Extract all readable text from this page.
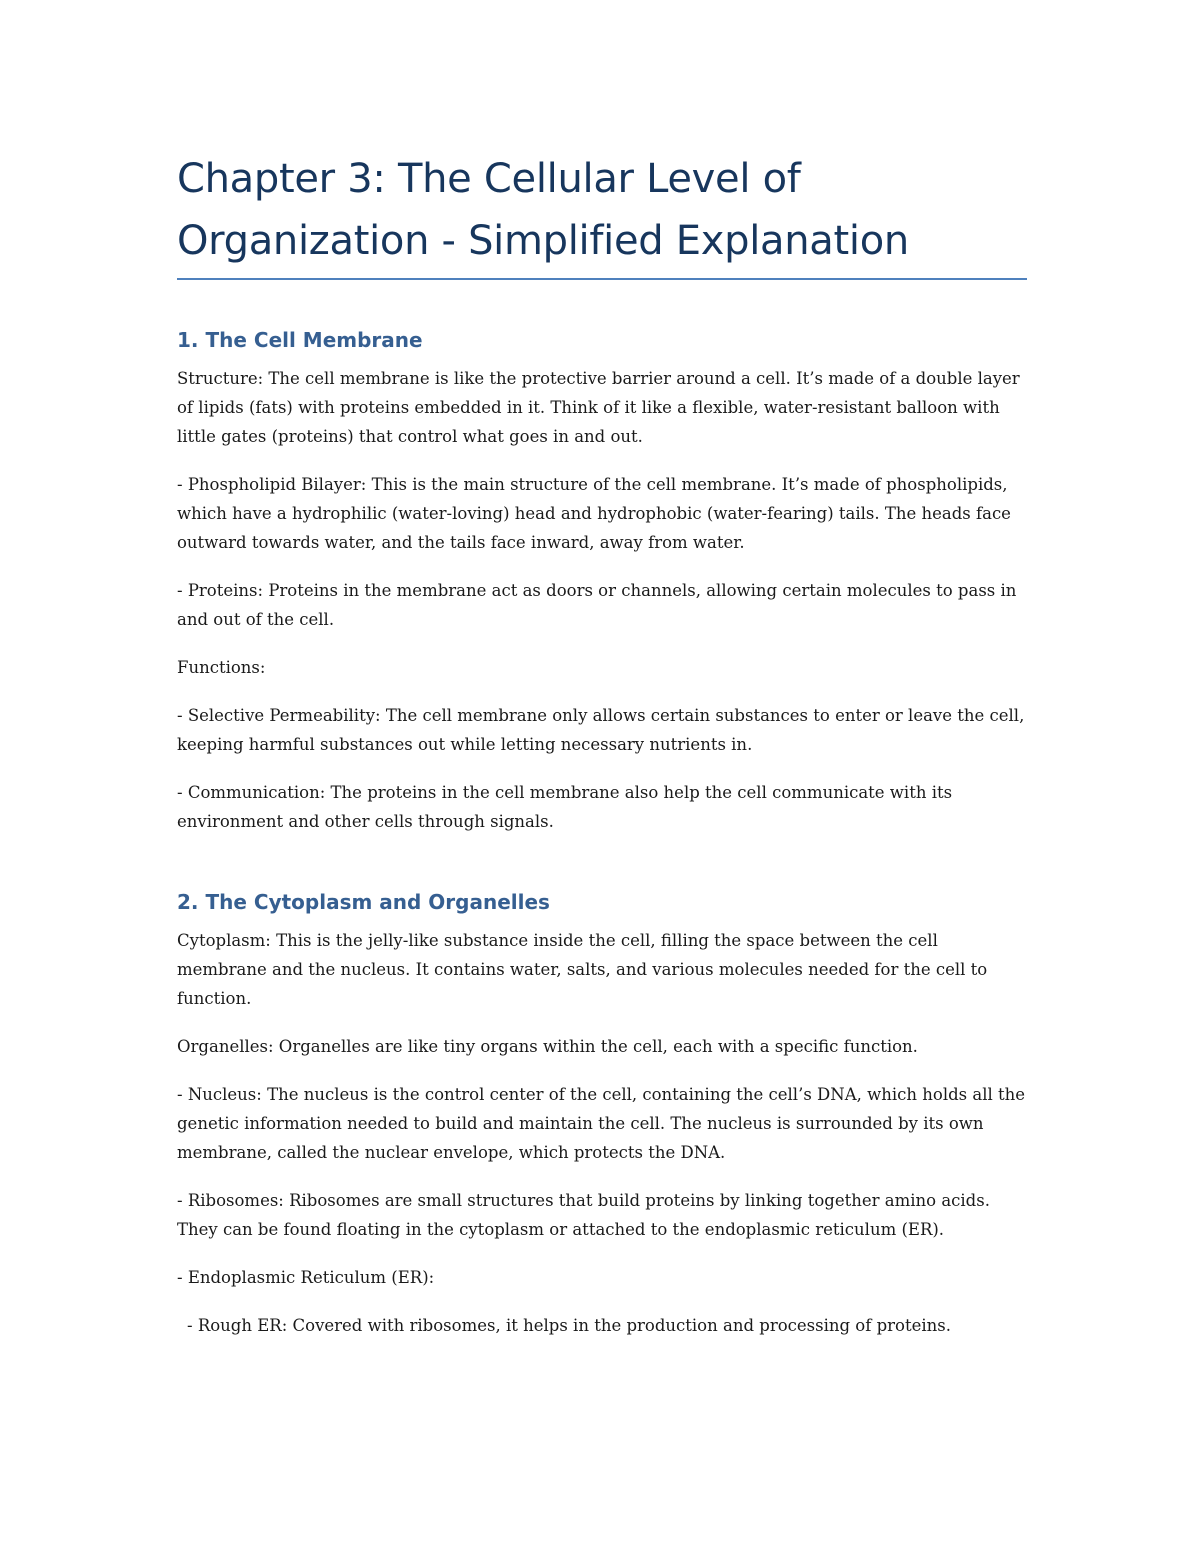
Chapter 3: The Cellular Level of Organization - Simplified Explanation
1. The Cell Membrane

Structure: The cell membrane is like the protective barrier around a cell. It’s made of a double layer of lipids (fats) with proteins embedded in it. Think of it like a flexible, water-resistant balloon with little gates (proteins) that control what goes in and out.

- Phospholipid Bilayer: This is the main structure of the cell membrane. It’s made of phospholipids, which have a hydrophilic (water-loving) head and hydrophobic (water-fearing) tails. The heads face outward towards water, and the tails face inward, away from water.

- Proteins: Proteins in the membrane act as doors or channels, allowing certain molecules to pass in and out of the cell.

Functions:

- Selective Permeability: The cell membrane only allows certain substances to enter or leave the cell, keeping harmful substances out while letting necessary nutrients in.

- Communication: The proteins in the cell membrane also help the cell communicate with its environment and other cells through signals.

2. The Cytoplasm and Organelles

Cytoplasm: This is the jelly-like substance inside the cell, filling the space between the cell membrane and the nucleus. It contains water, salts, and various molecules needed for the cell to function.

Organelles: Organelles are like tiny organs within the cell, each with a specific function.

- Nucleus: The nucleus is the control center of the cell, containing the cell’s DNA, which holds all the genetic information needed to build and maintain the cell. The nucleus is surrounded by its own membrane, called the nuclear envelope, which protects the DNA.

- Ribosomes: Ribosomes are small structures that build proteins by linking together amino acids. They can be found floating in the cytoplasm or attached to the endoplasmic reticulum (ER).

- Endoplasmic Reticulum (ER):

- Rough ER: Covered with ribosomes, it helps in the production and processing of proteins.
